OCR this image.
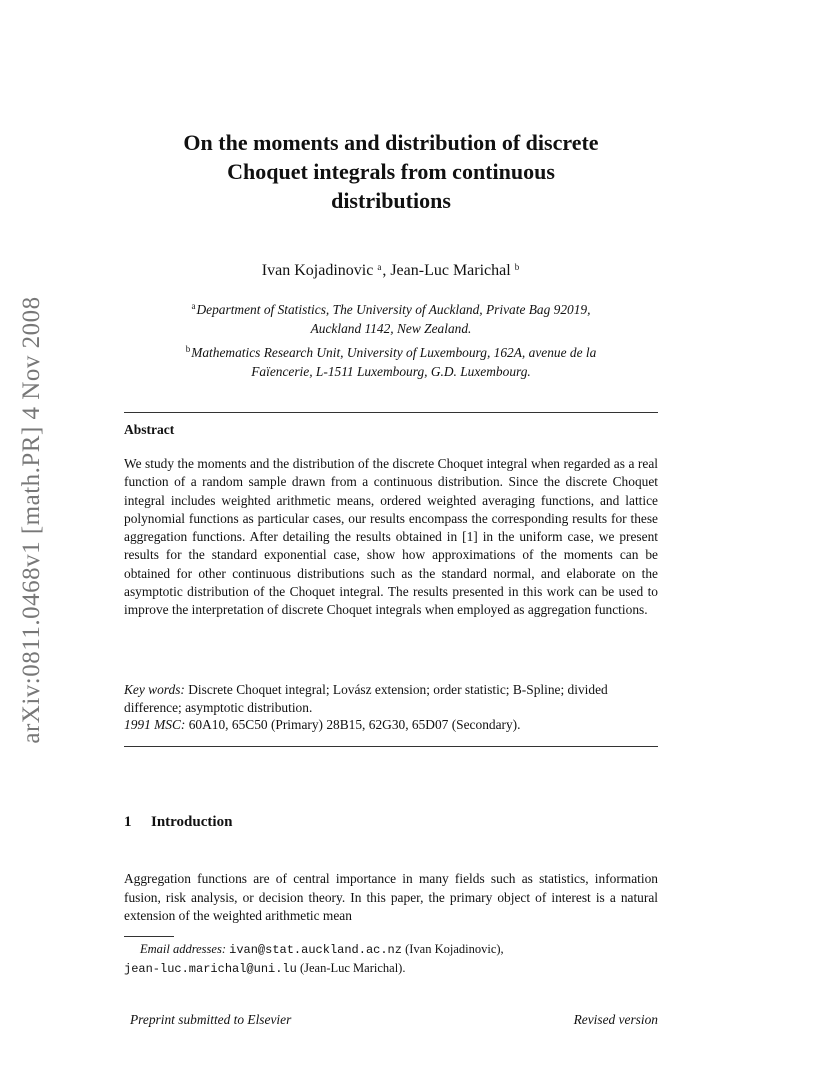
arXiv:0811.0468v1 [math.PR] 4 Nov 2008
On the moments and distribution of discrete
Choquet integrals from continuous
distributions
Ivan Kojadinovic $^a$, Jean-Luc Marichal $^b$
$^a$Department of Statistics, The University of Auckland, Private Bag 92019,
Auckland 1142, New Zealand.
$^b$Mathematics Research Unit, University of Luxembourg, 162A, avenue de la
Faïencerie, L-1511 Luxembourg, G.D. Luxembourg.
Abstract
We study the moments and the distribution of the discrete Choquet integral when regarded as a real function of a random sample drawn from a continuous distribution. Since the discrete Choquet integral includes weighted arithmetic means, ordered weighted averaging functions, and lattice polynomial functions as particular cases, our results encompass the corresponding results for these aggregation functions. After detailing the results obtained in [1] in the uniform case, we present results for the standard exponential case, show how approximations of the moments can be obtained for other continuous distributions such as the standard normal, and elaborate on the asymptotic distribution of the Choquet integral. The results presented in this work can be used to improve the interpretation of discrete Choquet integrals when employed as aggregation functions.
Key words: Discrete Choquet integral; Lovász extension; order statistic; B-Spline; divided difference; asymptotic distribution.
1991 MSC: 60A10, 65C50 (Primary) 28B15, 62G30, 65D07 (Secondary).
1 Introduction
Aggregation functions are of central importance in many fields such as statistics, information fusion, risk analysis, or decision theory. In this paper, the primary object of interest is a natural extension of the weighted arithmetic mean
Email addresses: ivan@stat.auckland.ac.nz (Ivan Kojadinovic),
jean-luc.marichal@uni.lu (Jean-Luc Marichal).
Preprint submitted to Elsevier	Revised version
